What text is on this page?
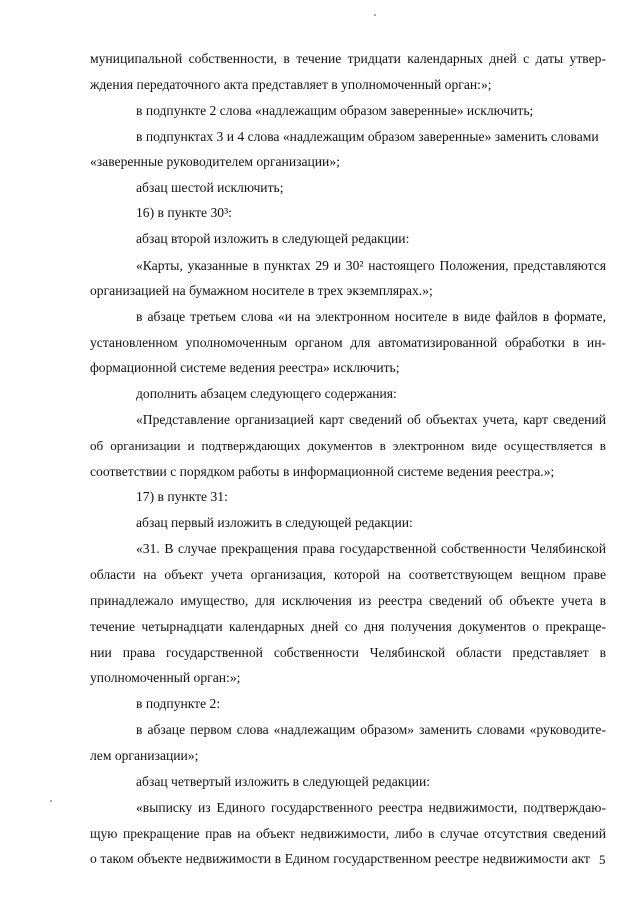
муниципальной собственности, в течение тридцати календарных дней с даты утвер-
ждения передаточного акта представляет в уполномоченный орган:»;
в подпункте 2 слова «надлежащим образом заверенные» исключить;
в подпунктах 3 и 4 слова «надлежащим образом заверенные» заменить словами
«заверенные руководителем организации»;
абзац шестой исключить;
16) в пункте 30³:
абзац второй изложить в следующей редакции:
«Карты, указанные в пунктах 29 и 30² настоящего Положения, представляются
организацией на бумажном носителе в трех экземплярах.»;
в абзаце третьем слова «и на электронном носителе в виде файлов в формате,
установленном уполномоченным органом для автоматизированной обработки в ин-
формационной системе ведения реестра» исключить;
дополнить абзацем следующего содержания:
«Представление организацией карт сведений об объектах учета, карт сведений
об организации и подтверждающих документов в электронном виде осуществляется в
соответствии с порядком работы в информационной системе ведения реестра.»;
17) в пункте 31:
абзац первый изложить в следующей редакции:
«31. В случае прекращения права государственной собственности Челябинской
области на объект учета организация, которой на соответствующем вещном праве
принадлежало имущество, для исключения из реестра сведений об объекте учета в
течение четырнадцати календарных дней со дня получения документов о прекраще-
нии права государственной собственности Челябинской области представляет в
уполномоченный орган:»;
в подпункте 2:
в абзаце первом слова «надлежащим образом» заменить словами «руководите-
лем организации»;
абзац четвертый изложить в следующей редакции:
«выписку из Единого государственного реестра недвижимости, подтверждаю-
щую прекращение прав на объект недвижимости, либо в случае отсутствия сведений
о таком объекте недвижимости в Едином государственном реестре недвижимости акт 5
